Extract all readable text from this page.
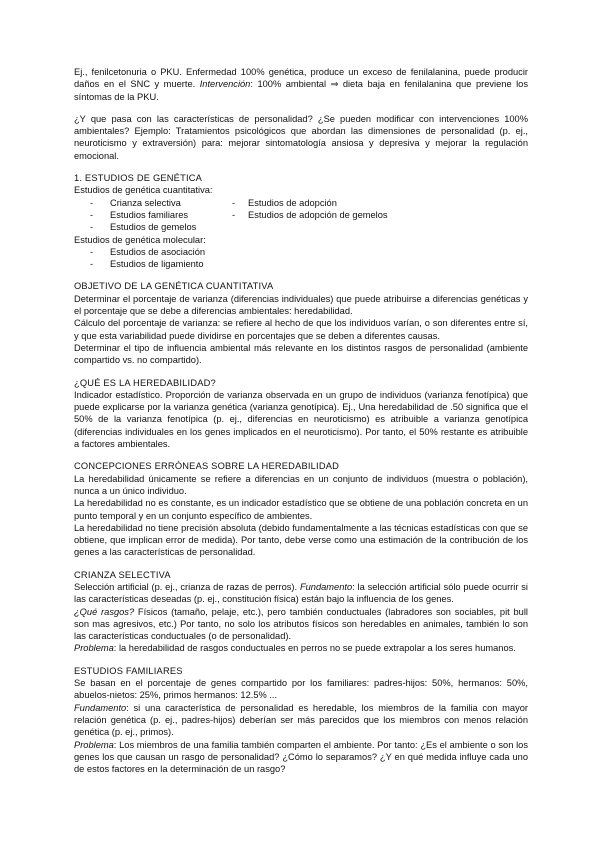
Ej., fenilcetonuria o PKU. Enfermedad 100% genética, produce un exceso de fenilalanina, puede producir daños en el SNC y muerte. Intervención: 100% ambiental ⇒ dieta baja en fenilalanina que previene los síntomas de la PKU.

¿Y que pasa con las características de personalidad? ¿Se pueden modificar con intervenciones 100% ambientales? Ejemplo: Tratamientos psicológicos que abordan las dimensiones de personalidad (p. ej., neuroticismo y extraversión) para: mejorar sintomatología ansiosa y depresiva y mejorar la regulación emocional.

1. ESTUDIOS DE GENÉTICA

Estudios de genética cuantitativa:

- Crianza selectiva
- Estudios familiares
- Estudios de gemelos
- Estudios de adopción
- Estudios de adopción de gemelos

Estudios de genética molecular:

- Estudios de asociación
- Estudios de ligamiento

OBJETIVO DE LA GENÉTICA CUANTITATIVA

Determinar el porcentaje de varianza (diferencias individuales) que puede atribuirse a diferencias genéticas y el porcentaje que se debe a diferencias ambientales: heredabilidad.

Cálculo del porcentaje de varianza: se refiere al hecho de que los individuos varían, o son diferentes entre sí, y que esta variabilidad puede dividirse en porcentajes que se deben a diferentes causas.

Determinar el tipo de influencia ambiental más relevante en los distintos rasgos de personalidad (ambiente compartido vs. no compartido).

¿QUÉ ES LA HEREDABILIDAD?

Indicador estadístico. Proporción de varianza observada en un grupo de individuos (varianza fenotípica) que puede explicarse por la varianza genética (varianza genotípica). Ej., Una heredabilidad de .50 significa que el 50% de la varianza fenotípica (p. ej., diferencias en neuroticismo) es atribuible a varianza genotípica (diferencias individuales en los genes implicados en el neuroticismo). Por tanto, el 50% restante es atribuible a factores ambientales.

CONCEPCIONES ERRÓNEAS SOBRE LA HEREDABILIDAD

La heredabilidad únicamente se refiere a diferencias en un conjunto de individuos (muestra o población), nunca a un único individuo.

La heredabilidad no es constante, es un indicador estadístico que se obtiene de una población concreta en un punto temporal y en un conjunto específico de ambientes.

La heredabilidad no tiene precisión absoluta (debido fundamentalmente a las técnicas estadísticas con que se obtiene, que implican error de medida). Por tanto, debe verse como una estimación de la contribución de los genes a las características de personalidad.

CRIANZA SELECTIVA

Selección artificial (p. ej., crianza de razas de perros). Fundamento: la selección artificial sólo puede ocurrir si las características deseadas (p. ej., constitución física) están bajo la influencia de los genes.

¿Qué rasgos? Físicos (tamaño, pelaje, etc.), pero también conductuales (labradores son sociables, pit bull son mas agresivos, etc.) Por tanto, no solo los atributos físicos son heredables en animales, también lo son las características conductuales (o de personalidad).

Problema: la heredabilidad de rasgos conductuales en perros no se puede extrapolar a los seres humanos.

ESTUDIOS FAMILIARES

Se basan en el porcentaje de genes compartido por los familiares: padres-hijos: 50%, hermanos: 50%, abuelos-nietos: 25%, primos hermanos: 12.5% ...

Fundamento: si una característica de personalidad es heredable, los miembros de la familia con mayor relación genética (p. ej., padres-hijos) deberían ser más parecidos que los miembros con menos relación genética (p. ej., primos).

Problema: Los miembros de una familia también comparten el ambiente. Por tanto: ¿Es el ambiente o son los genes los que causan un rasgo de personalidad? ¿Cómo lo separamos? ¿Y en qué medida influye cada uno de estos factores en la determinación de un rasgo?
